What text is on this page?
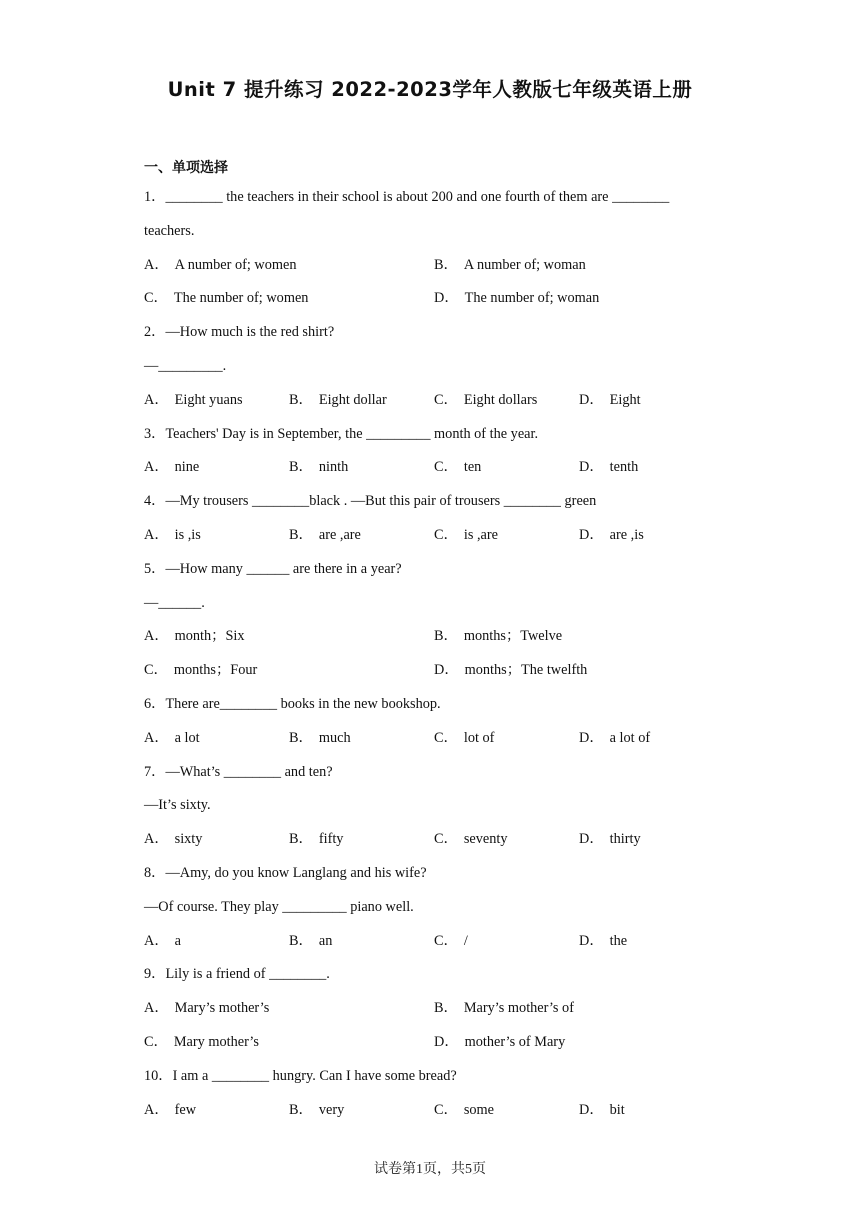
Unit 7 提升练习 2022-2023学年人教版七年级英语上册
一、单项选择
1．________ the teachers in their school is about 200 and one fourth of them are ________
teachers.
A． A number of; women	B． A number of; woman
C． The number of; women	D． The number of; woman
2．—How much is the red shirt?
—_________.
A． Eight yuans	B． Eight dollar	C． Eight dollars	D． Eight
3．Teachers' Day is in September, the _________ month of the year.
A． nine	B． ninth	C． ten	D． tenth
4．—My trousers ________black . —But this pair of trousers ________ green
A． is ,is	B． are ,are	C． is ,are	D． are ,is
5．—How many ______ are there in a year?
—______.
A． month；Six	B． months；Twelve
C． months；Four	D． months；The twelfth
6．There are________ books in the new bookshop.
A． a lot	B． much	C． lot of	D． a lot of
7．—What’s ________ and ten?
—It’s sixty.
A． sixty	B． fifty	C． seventy	D． thirty
8．—Amy, do you know Langlang and his wife?
—Of course. They play _________ piano well.
A． a	B． an	C． /	D． the
9．Lily is a friend of ________.
A． Mary’s mother’s	B． Mary’s mother’s of
C． Mary mother’s	D． mother’s of Mary
10．I am a ________ hungry. Can I have some bread?
A． few	B． very	C． some	D． bit
试卷第1页，共5页
